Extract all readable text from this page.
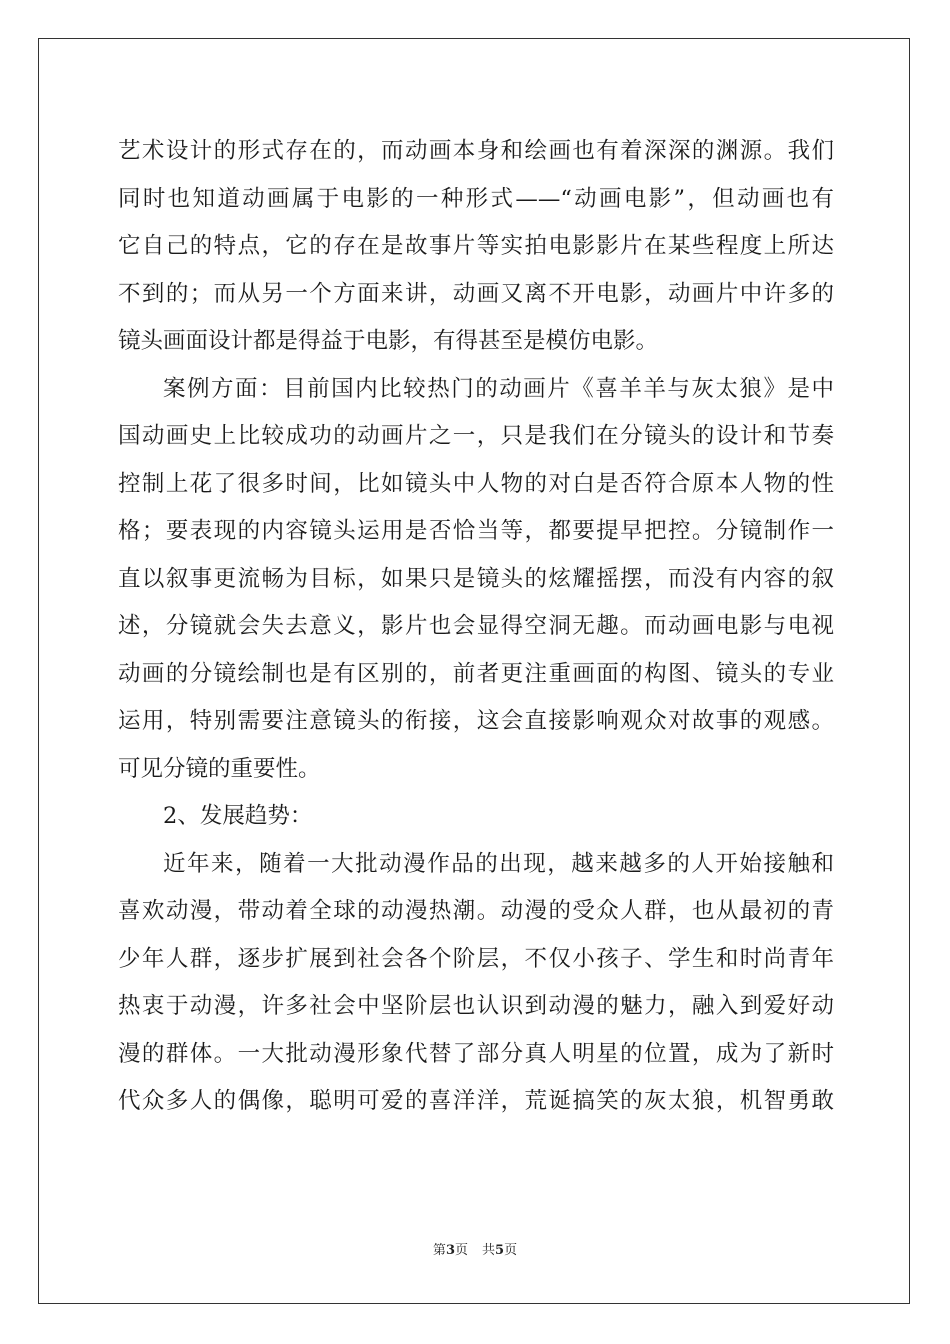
艺术设计的形式存在的，而动画本身和绘画也有着深深的渊源。我们
同时也知道动画属于电影的一种形式——“动画电影”，但动画也有
它自己的特点，它的存在是故事片等实拍电影影片在某些程度上所达
不到的；而从另一个方面来讲，动画又离不开电影，动画片中许多的
镜头画面设计都是得益于电影，有得甚至是模仿电影。
案例方面：目前国内比较热门的动画片《喜羊羊与灰太狼》是中
国动画史上比较成功的动画片之一，只是我们在分镜头的设计和节奏
控制上花了很多时间，比如镜头中人物的对白是否符合原本人物的性
格；要表现的内容镜头运用是否恰当等，都要提早把控。分镜制作一
直以叙事更流畅为目标，如果只是镜头的炫耀摇摆，而没有内容的叙
述，分镜就会失去意义，影片也会显得空洞无趣。而动画电影与电视
动画的分镜绘制也是有区别的，前者更注重画面的构图、镜头的专业
运用，特别需要注意镜头的衔接，这会直接影响观众对故事的观感。
可见分镜的重要性。
2、发展趋势：
近年来，随着一大批动漫作品的出现，越来越多的人开始接触和
喜欢动漫，带动着全球的动漫热潮。动漫的受众人群，也从最初的青
少年人群，逐步扩展到社会各个阶层，不仅小孩子、学生和时尚青年
热衷于动漫，许多社会中坚阶层也认识到动漫的魅力，融入到爱好动
漫的群体。一大批动漫形象代替了部分真人明星的位置，成为了新时
代众多人的偶像，聪明可爱的喜洋洋，荒诞搞笑的灰太狼，机智勇敢
第3页 共5页
